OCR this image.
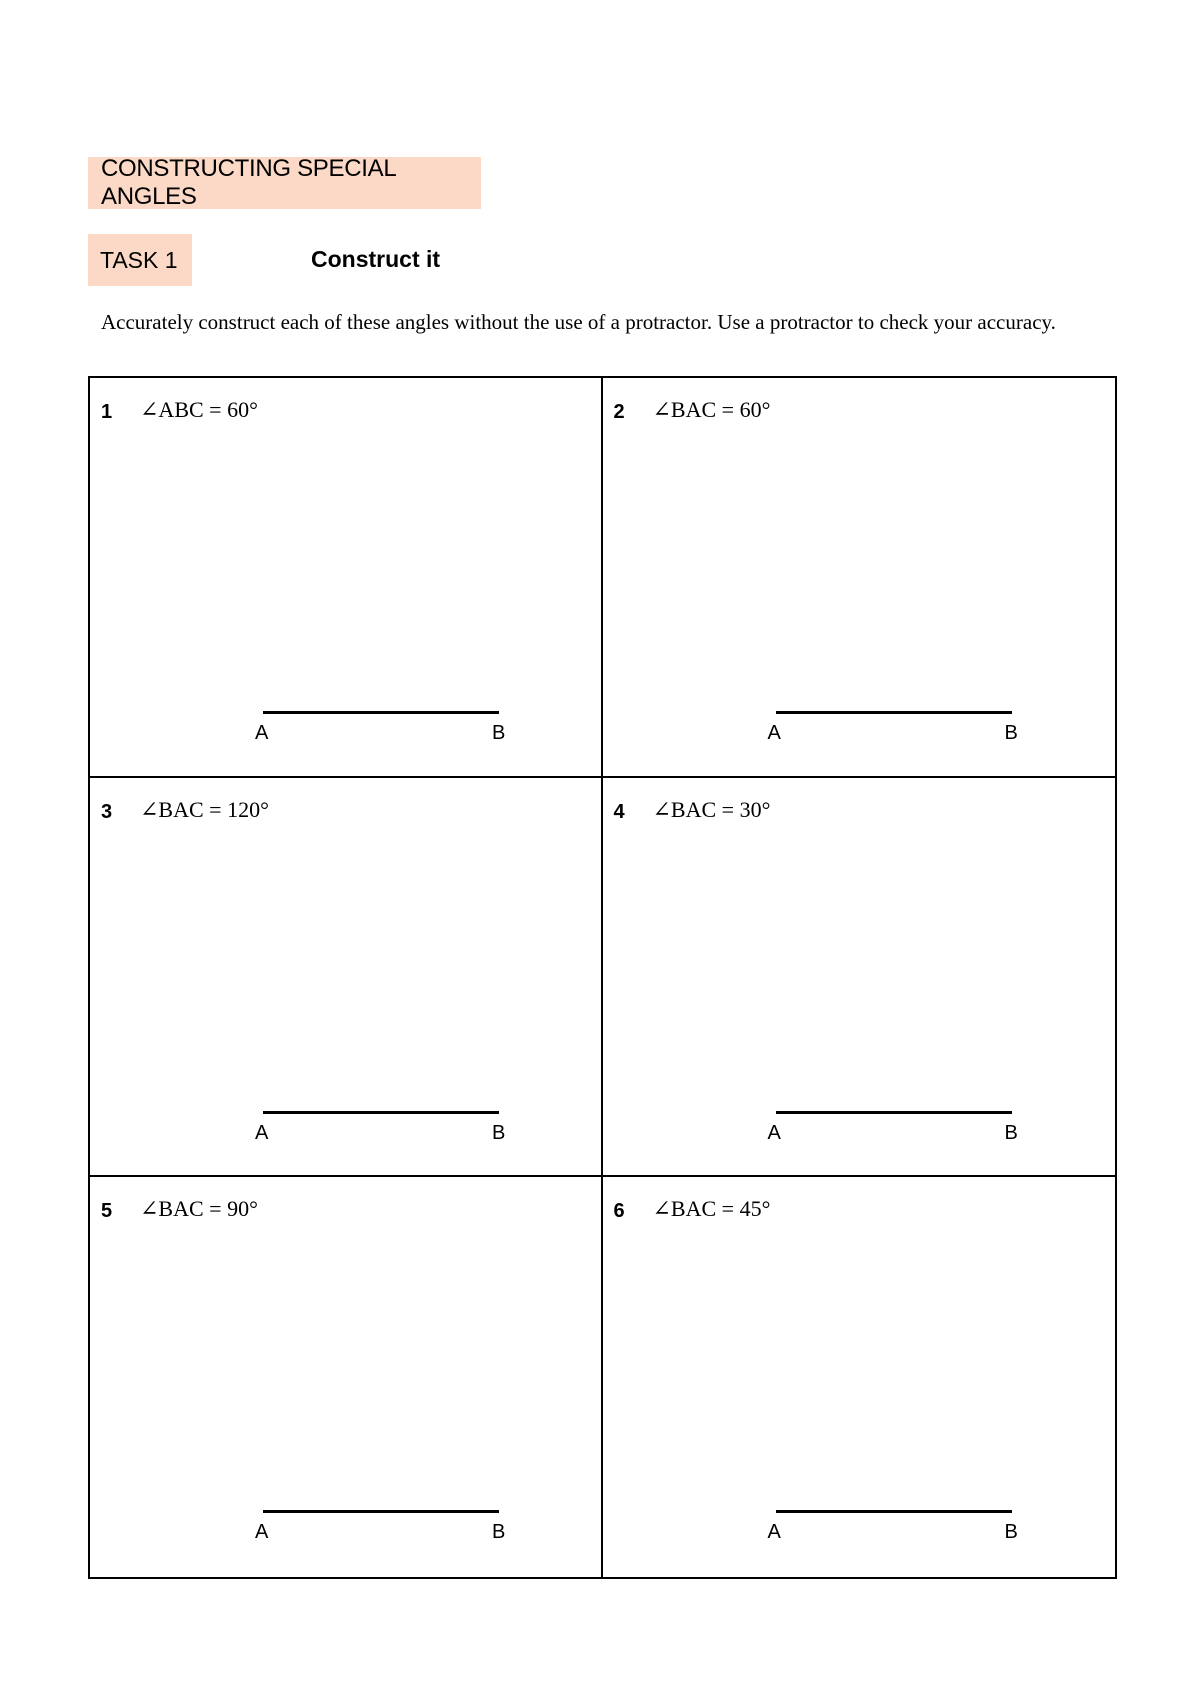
CONSTRUCTING SPECIAL ANGLES
TASK 1	Construct it
Accurately construct each of these angles without the use of a protractor. Use a protractor to check your accuracy.
1 ∠ABC = 60°
A	B
2 ∠BAC = 60°
A	B
3 ∠BAC = 120°
A	B
4 ∠BAC = 30°
A	B
5 ∠BAC = 90°
A	B
6 ∠BAC = 45°
A	B
